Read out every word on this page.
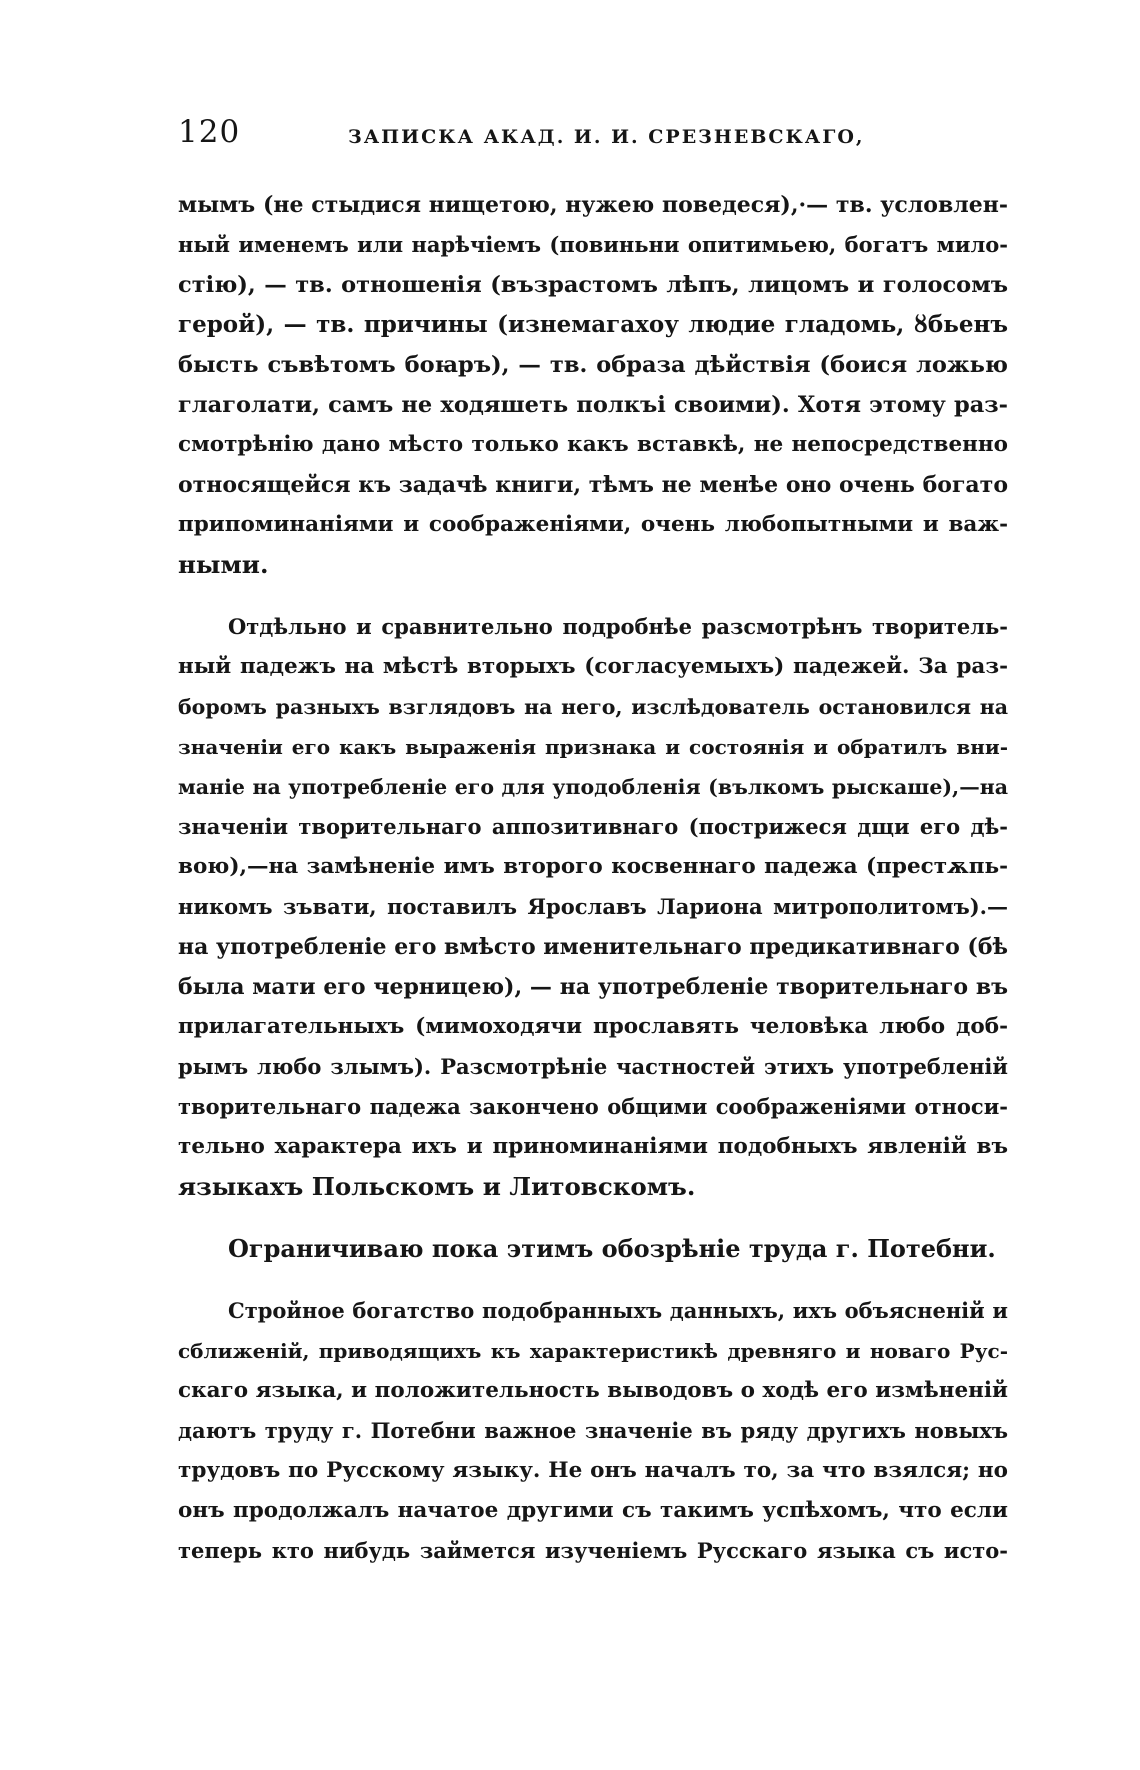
120	ЗАПИСКА АКАД. И. И. СРЕЗНЕВСКАГО,
мымъ (не стыдися нищетою, нужею поведеся),·— тв. условлен-
ный именемъ или нарѣчіемъ (повиньни опитимьею, богатъ мило-
стію), — тв. отношенія (възрастомъ лѣпъ, лицомъ и голосомъ
герой), — тв. причины (изнемагахоу людие гладомь, ȣбьенъ
бысть съвѣтомъ боꙗръ), — тв. образа дѣйствія (боися ложью
глаголати, самъ не ходяшеть полкъі своими). Хотя этому раз-
смотрѣнію дано мѣсто только какъ вставкѣ, не непосредственно
относящейся къ задачѣ книги, тѣмъ не менѣе оно очень богато
припоминаніями и соображеніями, очень любопытными и важ-
ными.
Отдѣльно и сравнительно подробнѣе разсмотрѣнъ творитель-
ный падежъ на мѣстѣ вторыхъ (согласуемыхъ) падежей. За раз-
боромъ разныхъ взглядовъ на него, изслѣдователь остановился на
значеніи его какъ выраженія признака и состоянія и обратилъ вни-
маніе на употребленіе его для уподобленія (вълкомъ рыскаше),—на
значеніи творительнаго аппозитивнаго (пострижеся дщи его дѣ-
вою),—на замѣненіе имъ второго косвеннаго падежа (престѫпь-
никомъ зъвати, поставилъ Ярославъ Лариона митрополитомъ).—
на употребленіе его вмѣсто именительнаго предикативнаго (бѣ
была мати его черницею), — на употребленіе творительнаго въ
прилагательныхъ (мимоходячи прославять человѣка любо доб-
рымъ любо злымъ). Разсмотрѣніе частностей этихъ употребленій
творительнаго падежа закончено общими соображеніями относи-
тельно характера ихъ и приноминаніями подобныхъ явленій въ
языкахъ Польскомъ и Литовскомъ.
Ограничиваю пока этимъ обозрѣніе труда г. Потебни.
Стройное богатство подобранныхъ данныхъ, ихъ объясненій и
сближеній, приводящихъ къ характеристикѣ древняго и новаго Рус-
скаго языка, и положительность выводовъ о ходѣ его измѣненій
даютъ труду г. Потебни важное значеніе въ ряду другихъ новыхъ
трудовъ по Русскому языку. Не онъ началъ то, за что взялся; но
онъ продолжалъ начатое другими съ такимъ успѣхомъ, что если
теперь кто нибудь займется изученіемъ Русскаго языка съ исто-
